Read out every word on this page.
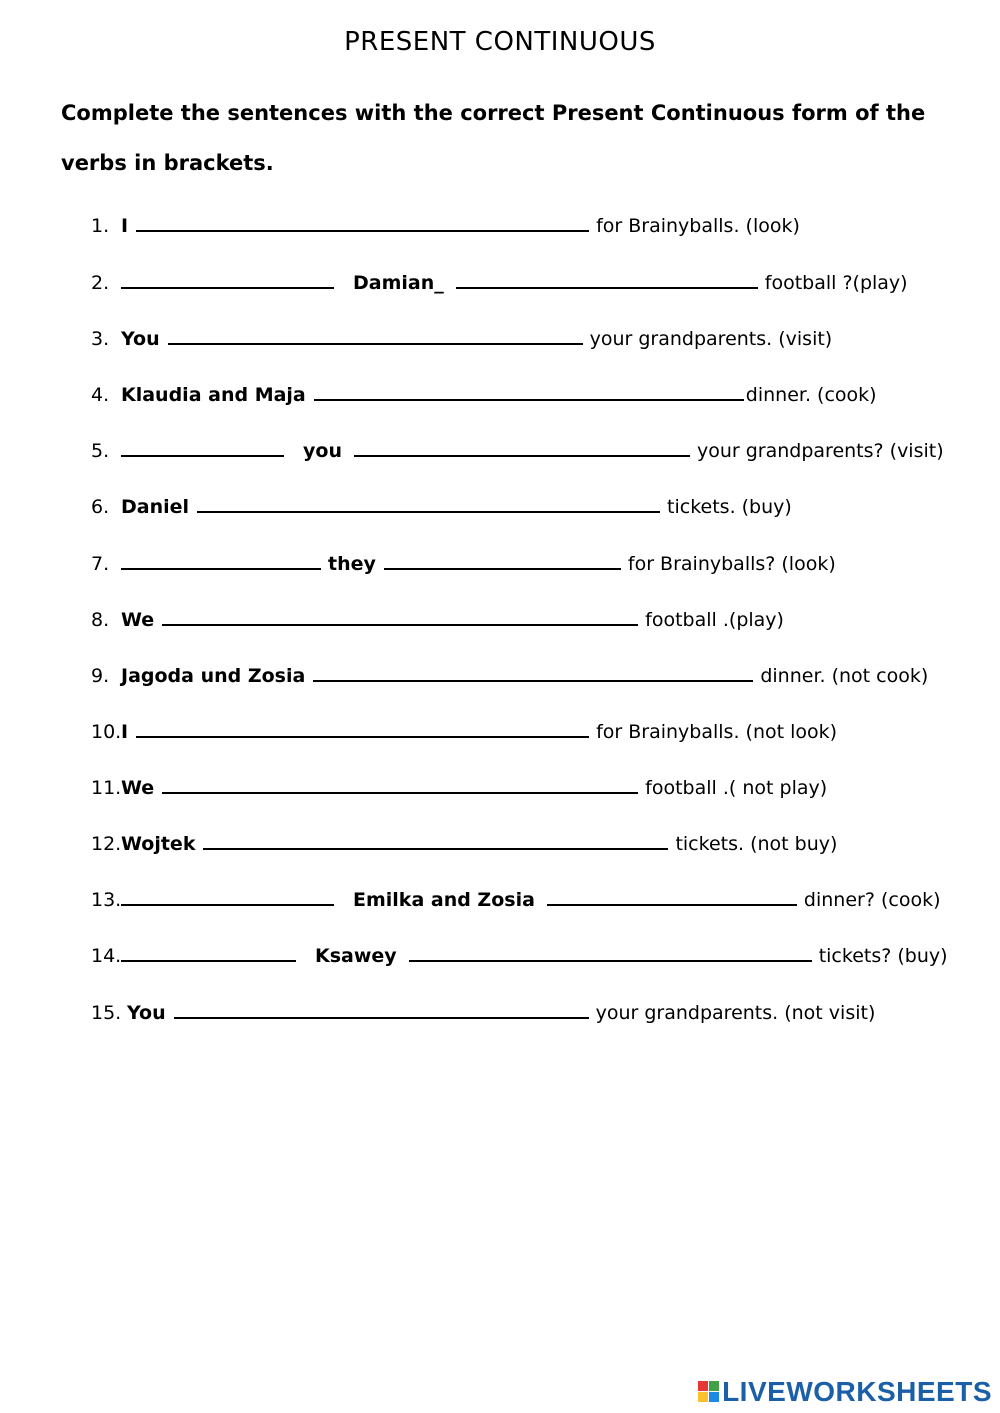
PRESENT CONTINUOUS
Complete the sentences with the correct Present Continuous form of the verbs in brackets.
1. I	for Brainyballs. (look)
2.	Damian_	football ?(play)
3. You	your grandparents. (visit)
4. Klaudia and Maja	dinner. (cook)
5.	you	your grandparents? (visit)
6. Daniel	tickets. (buy)
7.	they	for Brainyballs? (look)
8. We	football .(play)
9. Jagoda und Zosia	dinner. (not cook)
10. I	for Brainyballs. (not look)
11. We	football .( not play)
12. Wojtek	tickets. (not buy)
13.	Emilka and Zosia	dinner? (cook)
14.	Ksawey	tickets? (buy)
15. You	your grandparents. (not visit)
LIVEWORKSHEETS
